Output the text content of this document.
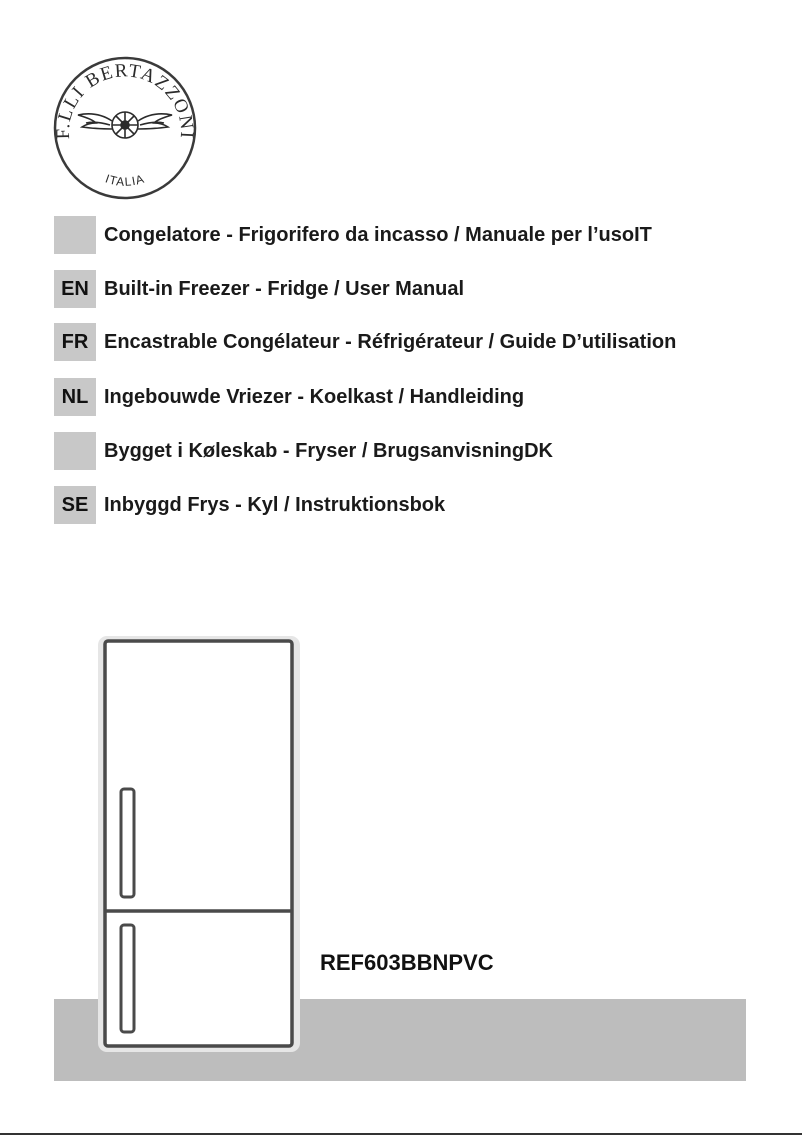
F.LLI BERTAZZONI
ITALIA
Congelatore - Frigorifero da incasso / Manuale per l’usoIT
EN Built-in Freezer - Fridge / User Manual
FR Encastrable Congélateur - Réfrigérateur / Guide D’utilisation
NL Ingebouwde Vriezer - Koelkast / Handleiding
Bygget i Køleskab - Fryser / BrugsanvisningDK
SE Inbyggd Frys - Kyl / Instruktionsbok
REF603BBNPVC
